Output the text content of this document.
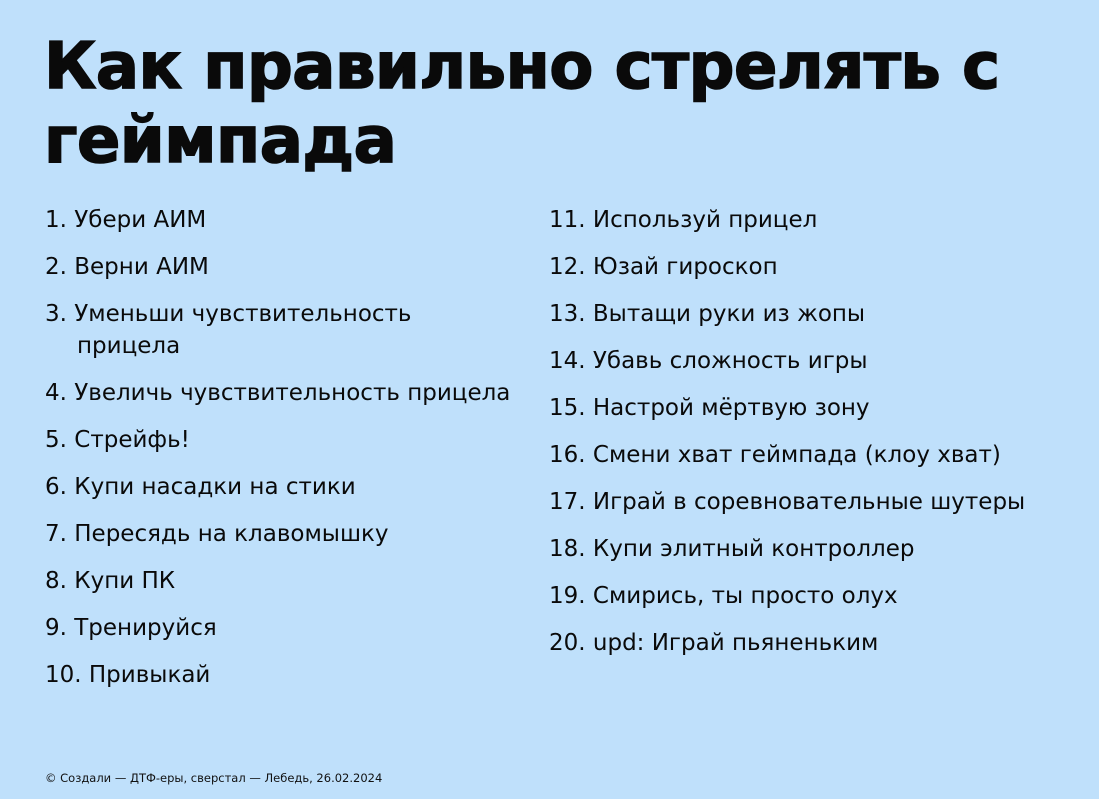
Как правильно стрелять с геймпада
1. Убери АИМ
2. Верни АИМ
3. Уменьши чувствительность прицела
4. Увеличь чувствительность прицела
5. Стрейфь!
6. Купи насадки на стики
7. Пересядь на клавомышку
8. Купи ПК
9. Тренируйся
10. Привыкай
11. Используй прицел
12. Юзай гироскоп
13. Вытащи руки из жопы
14. Убавь сложность игры
15. Настрой мёртвую зону
16. Смени хват геймпада (клоу хват)
17. Играй в соревновательные шутеры
18. Купи элитный контроллер
19. Смирись, ты просто олух
20. upd: Играй пьяненьким
© Создали — ДТФ-еры, сверстал — Лебедь, 26.02.2024
